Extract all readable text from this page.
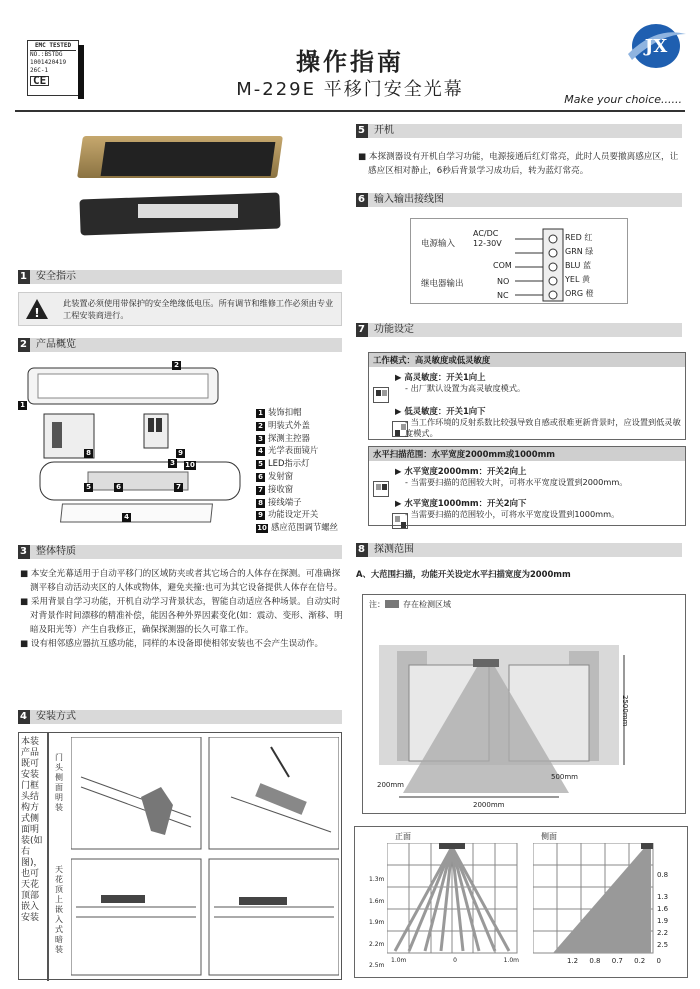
EMC TESTED
NO.:BSTDG
1001420419
26C-1
CE
操作指南
M-229E 平移门安全光幕	Make your choice......
JX
1 安全指示
!
此装置必须使用带保护的安全绝缘低电压。所有调节和维修工作必须由专业工程安装商进行。
2 产品概览
2
1
3
4
5	6	7
8	9
10
1 装饰扣帽
2 明装式外盖
3 探测主控器
4 光学表面镜片
5 LED指示灯
6 发射窗
7 接收窗
8 接线端子
9 功能设定开关
10 感应范围调节螺丝
3 整体特质
■ 本安全光幕适用于自动平移门的区域防夹或者其它场合的人体存在探测。可准确探测平移自动活动夹区的人体或物体，避免夹撞:也可为其它设备提供人体存在信号。
■ 采用背景自学习功能，开机自动学习背景状态，智能自动适应各种场景。自动实时对背景作时间漂移的精准补偿，能因各种外界因素变化(如：震动、变形、渐移、明暗及阳光等）产生自我修正，确保探测器的长久可靠工作。
■ 设有相邻感应器抗互感功能，同样的本设备即使相邻安装也不会产生误动作。
4 安装方式
本装产品既可安装门框头结构方式侧面明装(如右图)，也可天花顶部嵌入安装
门头侧面明装
天花顶上嵌入式暗装
5 开机
■ 本探测器设有开机自学习功能，电源接通后红灯常亮，此时人员要撤离感应区，让感应区相对静止，6秒后背景学习成功后，转为蓝灯常亮。
6 输入输出接线图
电源输入
AC/DC
12-30V
继电器输出
COM
NO
NC
RED 红
GRN 绿
BLU 蓝
YEL 黄
ORG 橙
7 功能设定
工作模式：高灵敏度或低灵敏度

▶ 高灵敏度：开关1向上
- 出厂默认设置为高灵敏度模式。
▶ 低灵敏度：开关1向下
- 当工作环境的反射系数比较强导致自感或很难更新背景时，应设置到低灵敏度模式。
水平扫描范围：水平宽度2000mm或1000mm

▶ 水平宽度2000mm：开关2向上
- 当需要扫描的范围较大时，可将水平宽度设置到2000mm。
▶ 水平宽度1000mm：开关2向下
- 当需要扫描的范围较小，可将水平宽度设置到1000mm。
8 探测范围
A、大范围扫描，功能开关设定水平扫描宽度为2000mm
注： 存在检测区域
2500mm
200mm
500mm
2000mm
正面	侧面
1.3m
1.6m
1.9m
2.2m
2.5m
1.0m	0	1.0m
0.8
1.3
1.6
1.9
2.2
2.5
1.2 0.8 0.7 0.2 0
